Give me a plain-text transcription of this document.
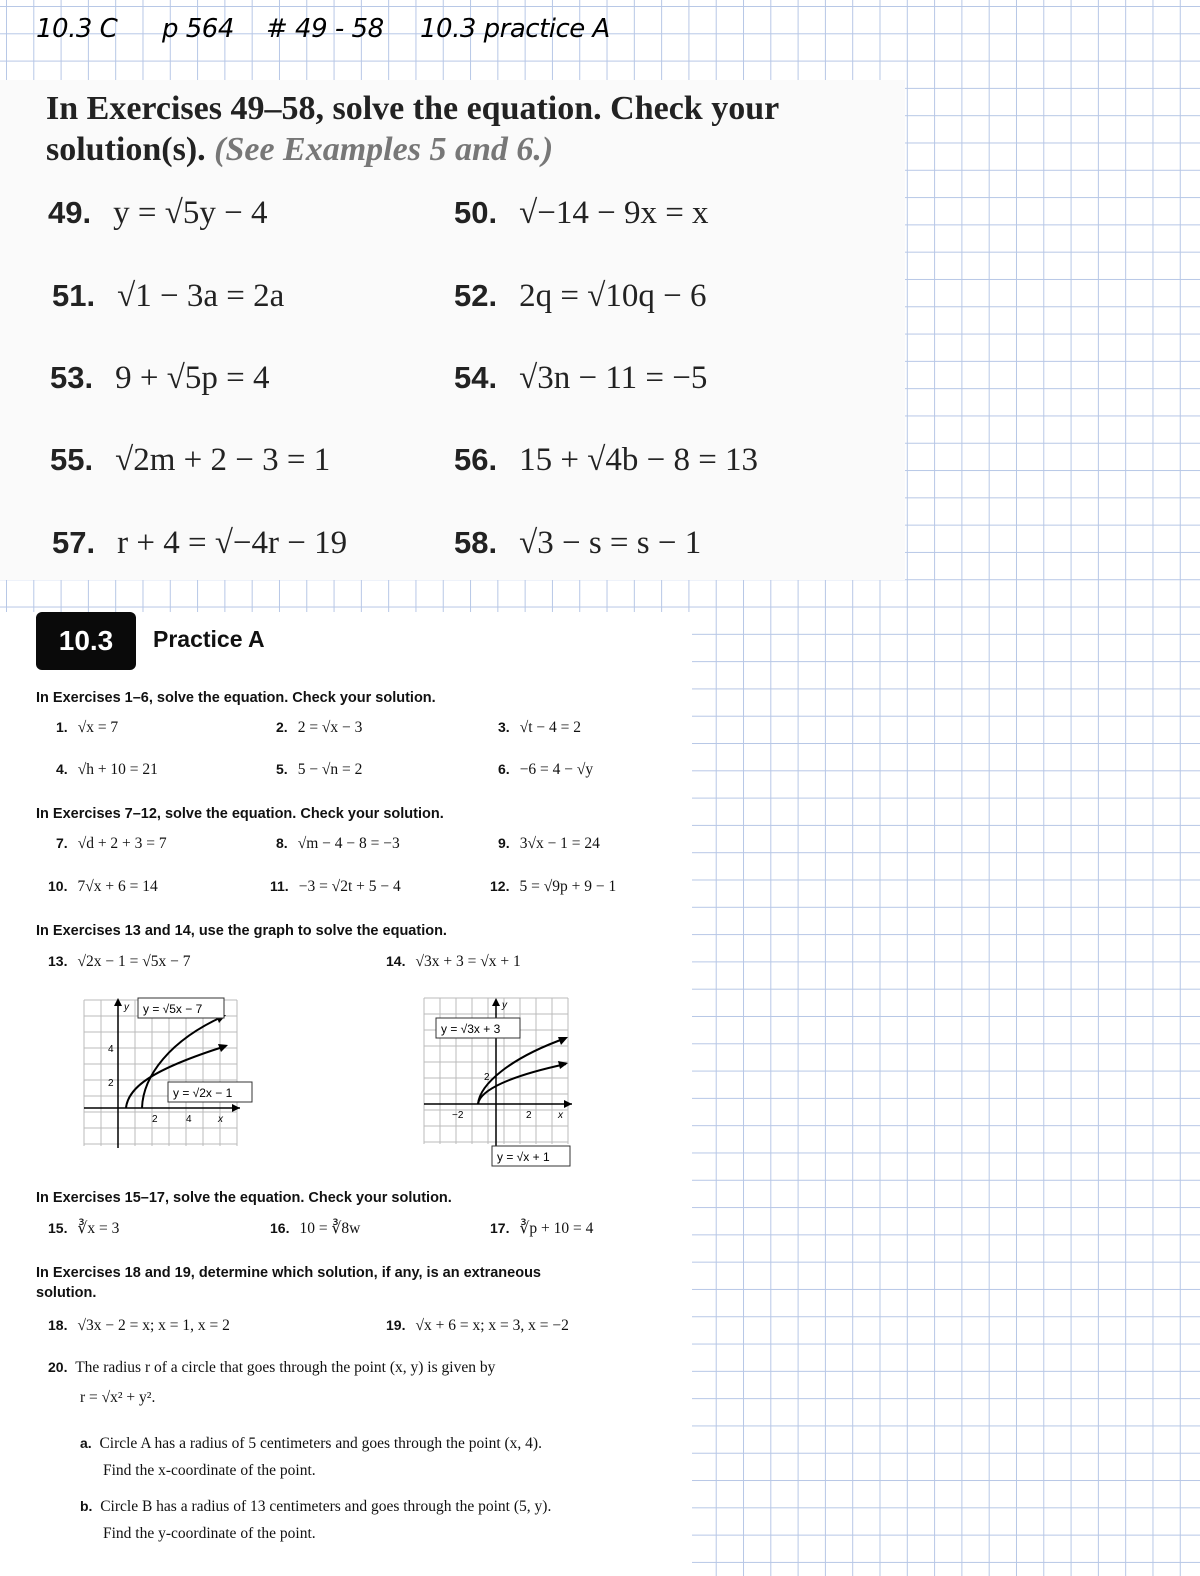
10.3 C p 564 # 49 - 58 10.3 practice A
In Exercises 49–58, solve the equation. Check your solution(s). (See Examples 5 and 6.)
49. y = √5y − 4	50. √−14 − 9x = x
51. √1 − 3a = 2a	52. 2q = √10q − 6
53. 9 + √5p = 4	54. √3n − 11 = −5
55. √2m + 2 − 3 = 1	56. 15 + √4b − 8 = 13
57. r + 4 = √−4r − 19	58. √3 − s = s − 1
10.3	Practice A
In Exercises 1–6, solve the equation. Check your solution.
1. √x = 7	2. 2 = √x − 3	3. √t − 4 = 2
4. √h + 10 = 21	5. 5 − √n = 2	6. −6 = 4 − √y
In Exercises 7–12, solve the equation. Check your solution.
7. √d + 2 + 3 = 7	8. √m − 4 − 8 = −3	9. 3√x − 1 = 24
10. 7√x + 6 = 14	11. −3 = √2t + 5 − 4	12. 5 = √9p + 9 − 1
In Exercises 13 and 14, use the graph to solve the equation.
13. √2x − 1 = √5x − 7	14. √3x + 3 = √x + 1
y = √5x − 7
y = √2x − 1
4
2
2	4	x
y
y = √3x + 3
y = √x + 1
2
−2	2	x
y
In Exercises 15–17, solve the equation. Check your solution.
15. ∛x = 3	16. 10 = ∛8w	17. ∛p + 10 = 4
In Exercises 18 and 19, determine which solution, if any, is an extraneous solution.
18. √3x − 2 = x; x = 1, x = 2	19. √x + 6 = x; x = 3, x = −2
20. The radius r of a circle that goes through the point (x, y) is given by
r = √x² + y².
a. Circle A has a radius of 5 centimeters and goes through the point (x, 4).
Find the x-coordinate of the point.
b. Circle B has a radius of 13 centimeters and goes through the point (5, y).
Find the y-coordinate of the point.
